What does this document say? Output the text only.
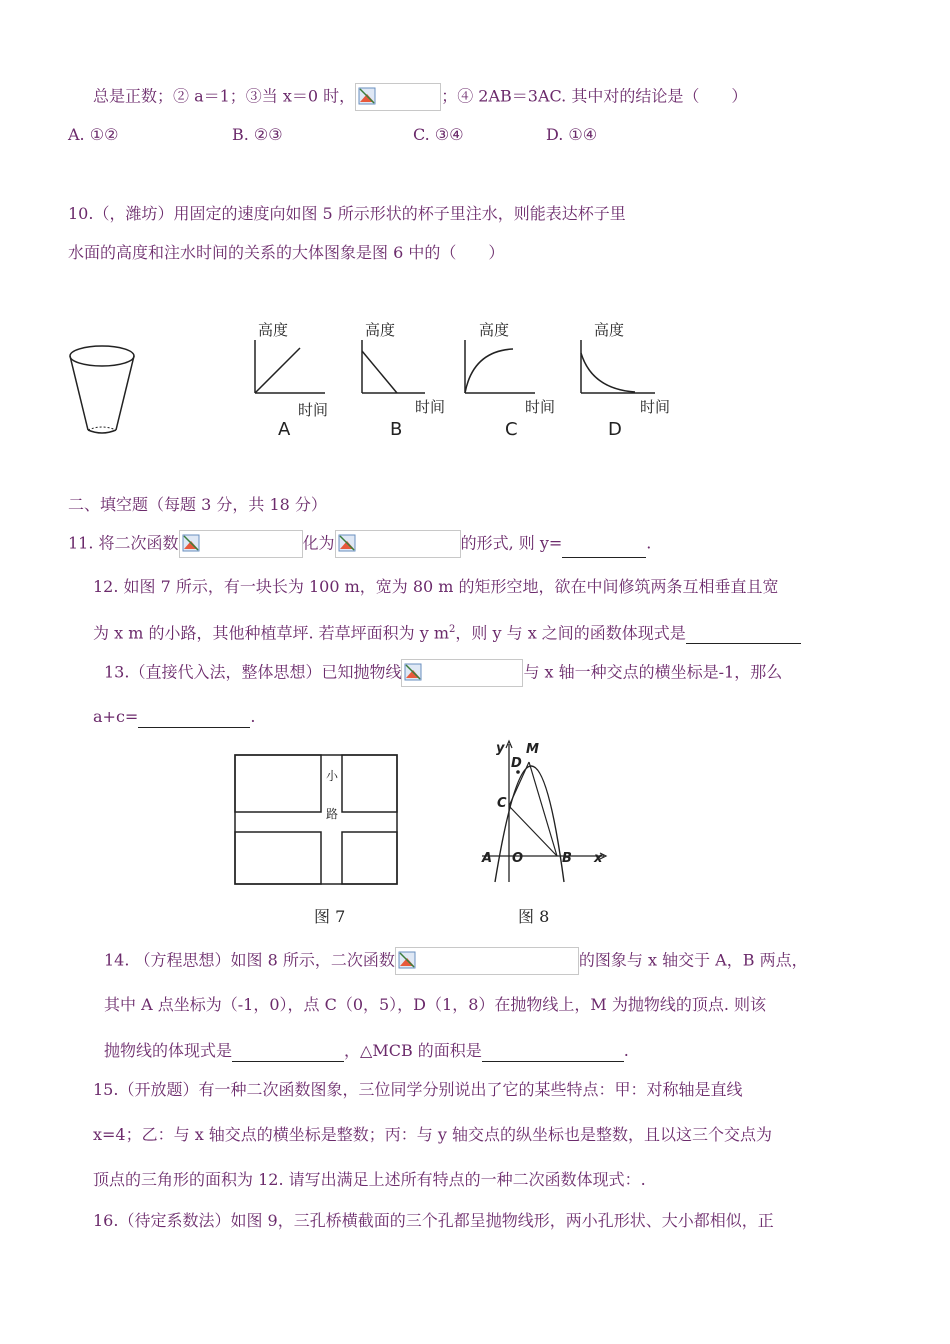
总是正数；② a＝1；③当 x＝0 时，	；④ 2AB＝3AC. 其中对的结论是（　　）
A. ①②	B. ②③	C. ③④	D. ①④
10.（，潍坊）用固定的速度向如图 5 所示形状的杯子里注水，则能表达杯子里
水面的高度和注水时间的关系的大体图象是图 6 中的（　　）
高度
时间
A
高度
时间
B
高度
时间
C
高度
时间
D
二、填空题（每题 3 分，共 18 分）
11. 将二次函数	化为	的形式, 则 y=	.
12. 如图 7 所示，有一块长为 100 m，宽为 80 m 的矩形空地，欲在中间修筑两条互相垂直且宽
为 x m 的小路，其他种植草坪. 若草坪面积为 y $m^2$，则 y 与 x 之间的函数体现式是
13.（直接代入法，整体思想）已知抛物线	与 x 轴一种交点的横坐标是-1，那么
a+c=	.
小
路
图 7
y
x
M
D
C
A O	B
图 8
14. （方程思想）如图 8 所示，二次函数	的图象与 x 轴交于 A，B 两点，
其中 A 点坐标为（-1，0），点 C（0，5），D（1，8）在抛物线上，M 为抛物线的顶点. 则该
抛物线的体现式是	，△MCB 的面积是	.
15.（开放题）有一种二次函数图象，三位同学分别说出了它的某些特点：甲：对称轴是直线
x=4；乙：与 x 轴交点的横坐标是整数；丙：与 y 轴交点的纵坐标也是整数，且以这三个交点为
顶点的三角形的面积为 12. 请写出满足上述所有特点的一种二次函数体现式：.
16.（待定系数法）如图 9，三孔桥横截面的三个孔都呈抛物线形，两小孔形状、大小都相似，正
